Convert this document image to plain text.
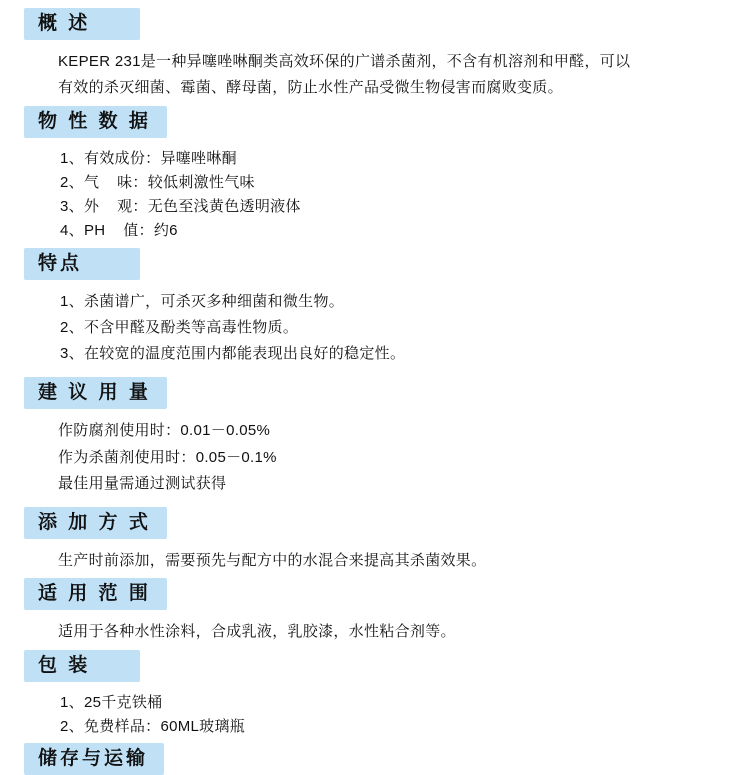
概 述
KEPER 231是一种异噻唑啉酮类高效环保的广谱杀菌剂，不含有机溶剂和甲醛，可以
有效的杀灭细菌、霉菌、酵母菌，防止水性产品受微生物侵害而腐败变质。
物 性 数 据
1、有效成份：异噻唑啉酮
2、气    味：较低刺激性气味
3、外    观：无色至浅黄色透明液体
4、PH    值：约6
特点
1、杀菌谱广，可杀灭多种细菌和微生物。
2、不含甲醛及酚类等高毒性物质。
3、在较宽的温度范围内都能表现出良好的稳定性。
建 议 用 量
作防腐剂使用时：0.01－0.05%
作为杀菌剂使用时：0.05－0.1%
最佳用量需通过测试获得
添 加 方 式
生产时前添加，需要预先与配方中的水混合来提高其杀菌效果。
适 用 范 围
适用于各种水性涂料，合成乳液，乳胶漆，水性粘合剂等。
包 装
1、25千克铁桶
2、免费样品：60ML玻璃瓶
储存与运输
